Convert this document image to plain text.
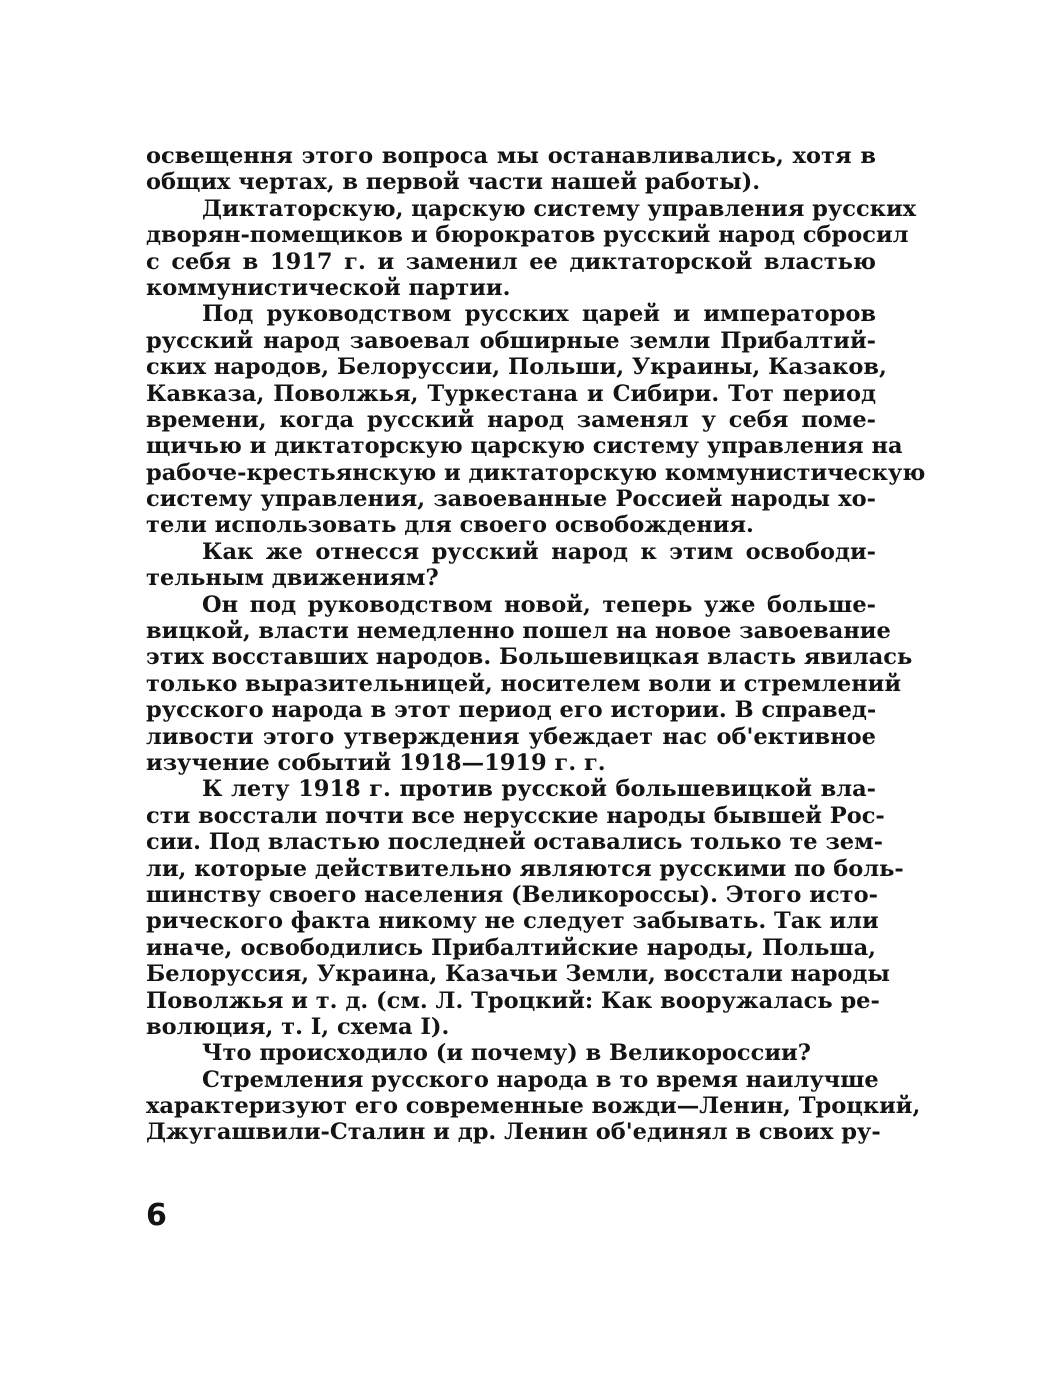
освещення этого вопроса мы останавливались, хотя в
общих чертах, в первой части нашей работы).
Диктаторскую, царскую систему управления русских
дворян-помещиков и бюрократов русский народ сбросил
с себя в 1917 г. и заменил ее диктаторской властью
коммунистической партии.
Под руководством русских царей и императоров
русский народ завоевал обширные земли Прибалтий-
ских народов, Белоруссии, Польши, Украины, Казаков,
Кавказа, Поволжья, Туркестана и Сибири. Тот период
времени, когда русский народ заменял у себя поме-
щичью и диктаторскую царскую систему управления на
рабоче-крестьянскую и диктаторскую коммунистическую
систему управления, завоеванные Россией народы хо-
тели использовать для своего освобождения.
Как же отнесся русский народ к этим освободи-
тельным движениям?
Он под руководством новой, теперь уже больше-
вицкой, власти немедленно пошел на новое завоевание
этих восставших народов. Большевицкая власть явилась
только выразительницей, носителем воли и стремлений
русского народа в этот период его истории. В справед-
ливости этого утверждения убеждает нас об'ективное
изучение событий 1918—1919 г. г.
К лету 1918 г. против русской большевицкой вла-
сти восстали почти все нерусские народы бывшей Рос-
сии. Под властью последней оставались только те зем-
ли, которые действительно являются русскими по боль-
шинству своего населения (Великороссы). Этого исто-
рического факта никому не следует забывать. Так или
иначе, освободились Прибалтийские народы, Польша,
Белоруссия, Украина, Казачьи Земли, восстали народы
Поволжья и т. д. (см. Л. Троцкий: Как вооружалась ре-
волюция, т. I, схема I).
Что происходило (и почему) в Великороссии?
Стремления русского народа в то время наилучше
характеризуют его современные вожди—Ленин, Троцкий,
Джугашвили-Сталин и др. Ленин об'единял в своих ру-
6
